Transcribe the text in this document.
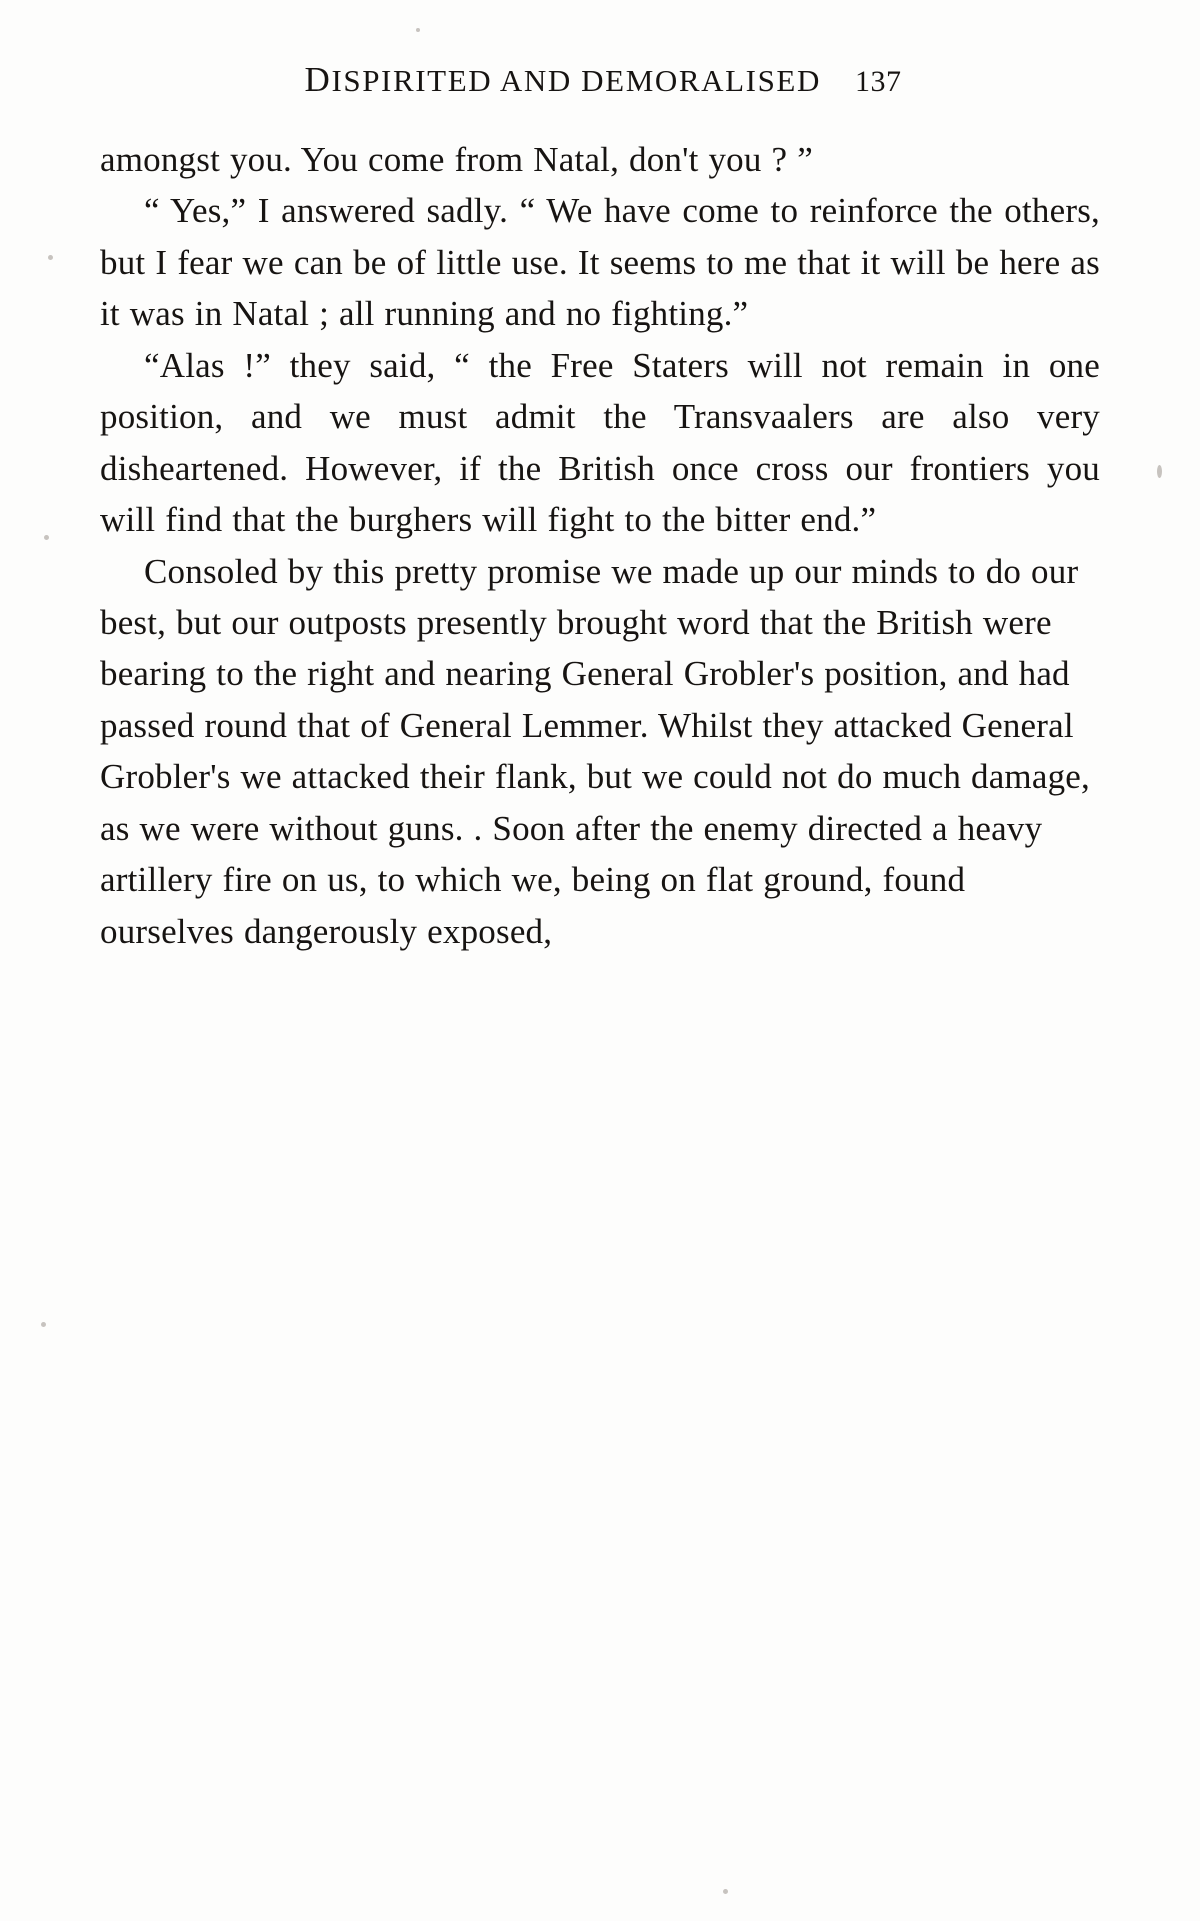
DISPIRITED AND DEMORALISED 137

amongst you. You come from Natal, don't you ? ”

“ Yes,” I answered sadly. “ We have come to reinforce the others, but I fear we can be of little use. It seems to me that it will be here as it was in Natal ; all running and no fighting.”

“Alas !” they said, “ the Free Staters will not remain in one position, and we must admit the Transvaalers are also very disheartened. However, if the British once cross our frontiers you will find that the burghers will fight to the bitter end.”

Consoled by this pretty promise we made up our minds to do our best, but our outposts presently brought word that the British were bearing to the right and nearing General Grobler's position, and had passed round that of General Lemmer. Whilst they attacked General Grobler's we attacked their flank, but we could not do much damage, as we were without guns. . Soon after the enemy directed a heavy artillery fire on us, to which we, being on flat ground, found ourselves dangerously exposed,
